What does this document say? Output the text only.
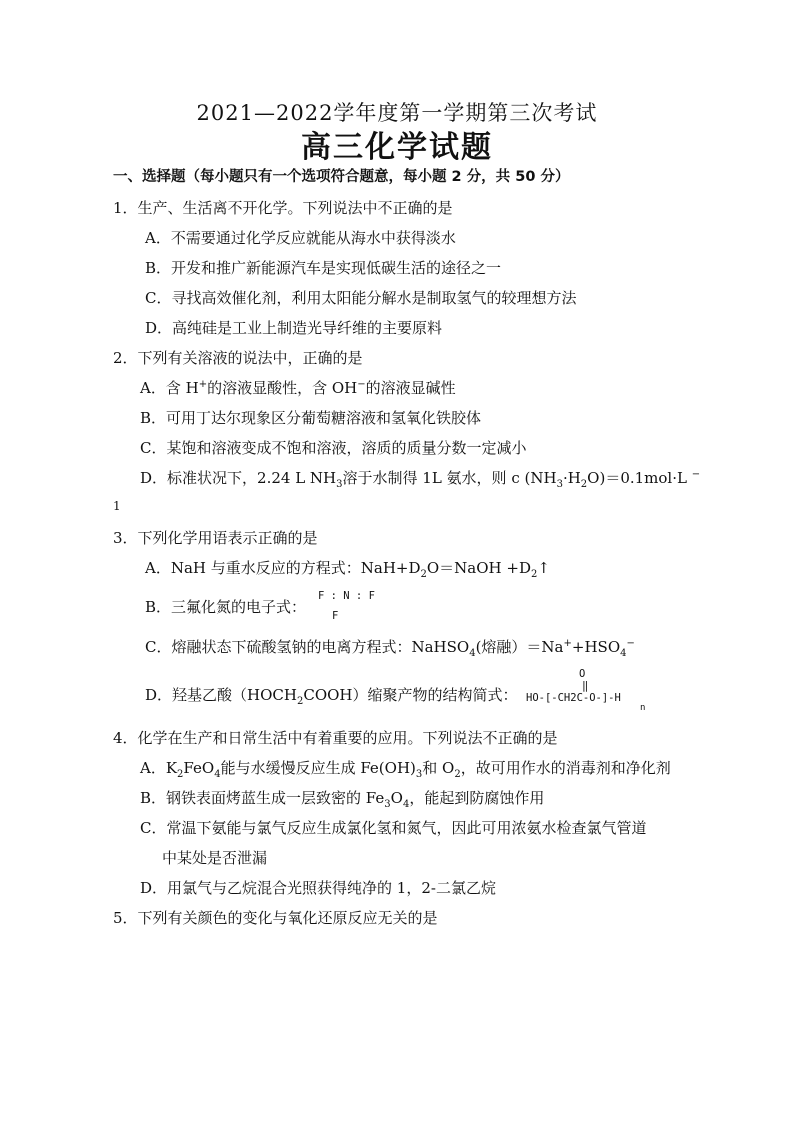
2021—2022学年度第一学期第三次考试
高三化学试题
一、选择题（每小题只有一个选项符合题意，每小题 2 分，共 50 分）
1．生产、生活离不开化学。下列说法中不正确的是
A．不需要通过化学反应就能从海水中获得淡水
B．开发和推广新能源汽车是实现低碳生活的途径之一
C．寻找高效催化剂，利用太阳能分解水是制取氢气的较理想方法
D．高纯硅是工业上制造光导纤维的主要原料
2．下列有关溶液的说法中，正确的是
A．含 H+的溶液显酸性，含 OH−的溶液显碱性
B．可用丁达尔现象区分葡萄糖溶液和氢氧化铁胶体
C．某饱和溶液变成不饱和溶液，溶质的质量分数一定减小
D．标准状况下，2.24 L $NH_3$溶于水制得 1L 氨水，则 c $(NH_3\cdot H_2O)=0.1mol\cdot L$ −
1
3．下列化学用语表示正确的是
A．NaH 与重水反应的方程式：$NaH+D_2O=NaOH$ $+D_2↑$
B．三氟化氮的电子式：
F : N : F
F
C．熔融状态下硫酸氢钠的电离方程式：NaHSO$_4$(熔融）$=Na^++HSO_4^-$
D．羟基乙酸$(HOCH_2COOH)$缩聚产物的结构简式：
O
‖
HO-[-CH2C-O-]-H
n
4．化学在生产和日常生活中有着重要的应用。下列说法不正确的是
A．$K_2FeO_4$能与水缓慢反应生成 $Fe(OH)_3$和 $O_2$，故可用作水的消毒剂和净化剂
B．钢铁表面烤蓝生成一层致密的 $Fe_3O_4$，能起到防腐蚀作用
C．常温下氨能与氯气反应生成氯化氢和氮气，因此可用浓氨水检查氯气管道
中某处是否泄漏
D．用氯气与乙烷混合光照获得纯净的 1，2-二氯乙烷
5．下列有关颜色的变化与氧化还原反应无关的是
